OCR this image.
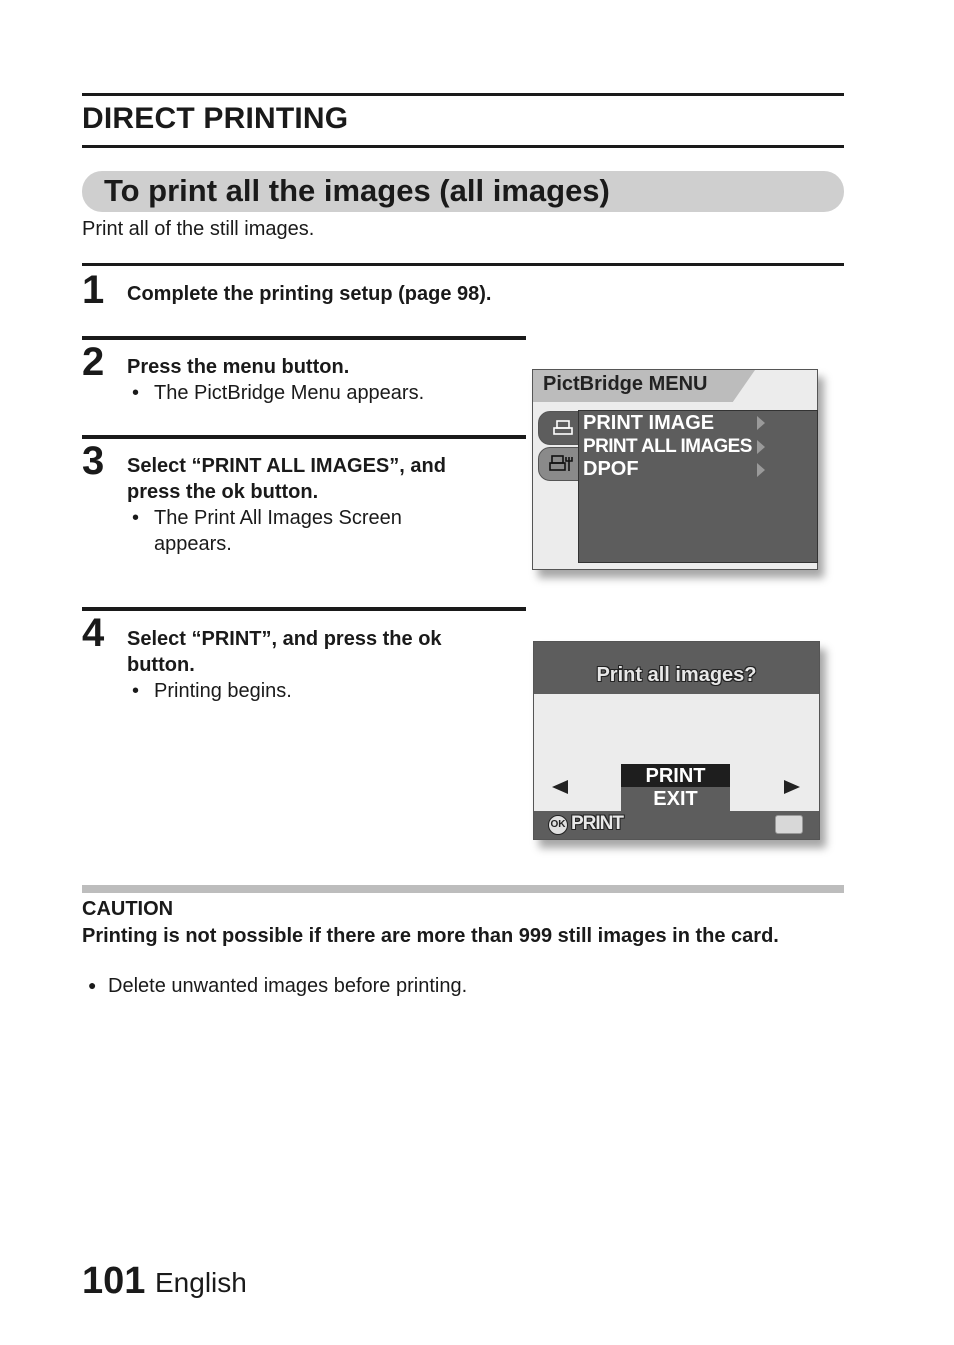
DIRECT PRINTING
To print all the images (all images)
Print all of the still images.
1 Complete the printing setup (page 98).
2 Press the menu button.
• The PictBridge Menu appears.
3 Select “PRINT ALL IMAGES”, and
press the ok button.
• The Print All Images Screen
appears.
PictBridge MENU
PRINT IMAGE
PRINT ALL IMAGES
DPOF
4 Select “PRINT”, and press the ok
button.
• Printing begins.
Print all images?
PRINT
EXIT
OK PRINT
CAUTION
Printing is not possible if there are more than 999 still images in the card.
● Delete unwanted images before printing.
101 English
